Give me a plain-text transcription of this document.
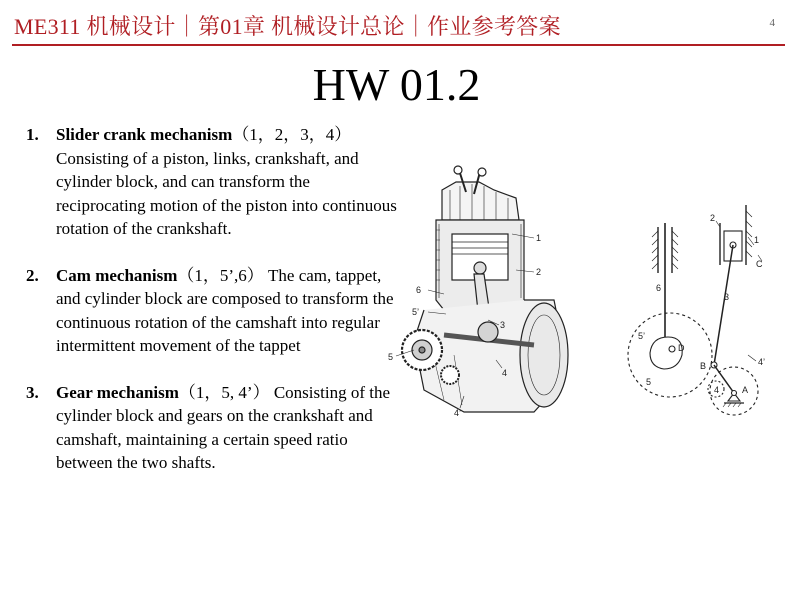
ME311 机械设计｜第01章 机械设计总论｜作业参考答案	4
HW 01.2
1. Slider crank mechanism（1，2，3，4） Consisting of a piston, links, crankshaft, and cylinder block, and can transform the reciprocating motion of the piston into continuous rotation of the crankshaft.
2. Cam mechanism（1，5’,6） The cam, tappet, and cylinder block are composed to transform the continuous rotation of the camshaft into regular intermittent movement of the tappet
3. Gear mechanism（1，5, 4’） Consisting of the cylinder block and gears on the crankshaft and camshaft, maintaining a certain speed ratio between the two shafts.
1
2
3
4
5
5’
6
4’
1
2
C
6
3
5’
D
B	4’
5
4	A
